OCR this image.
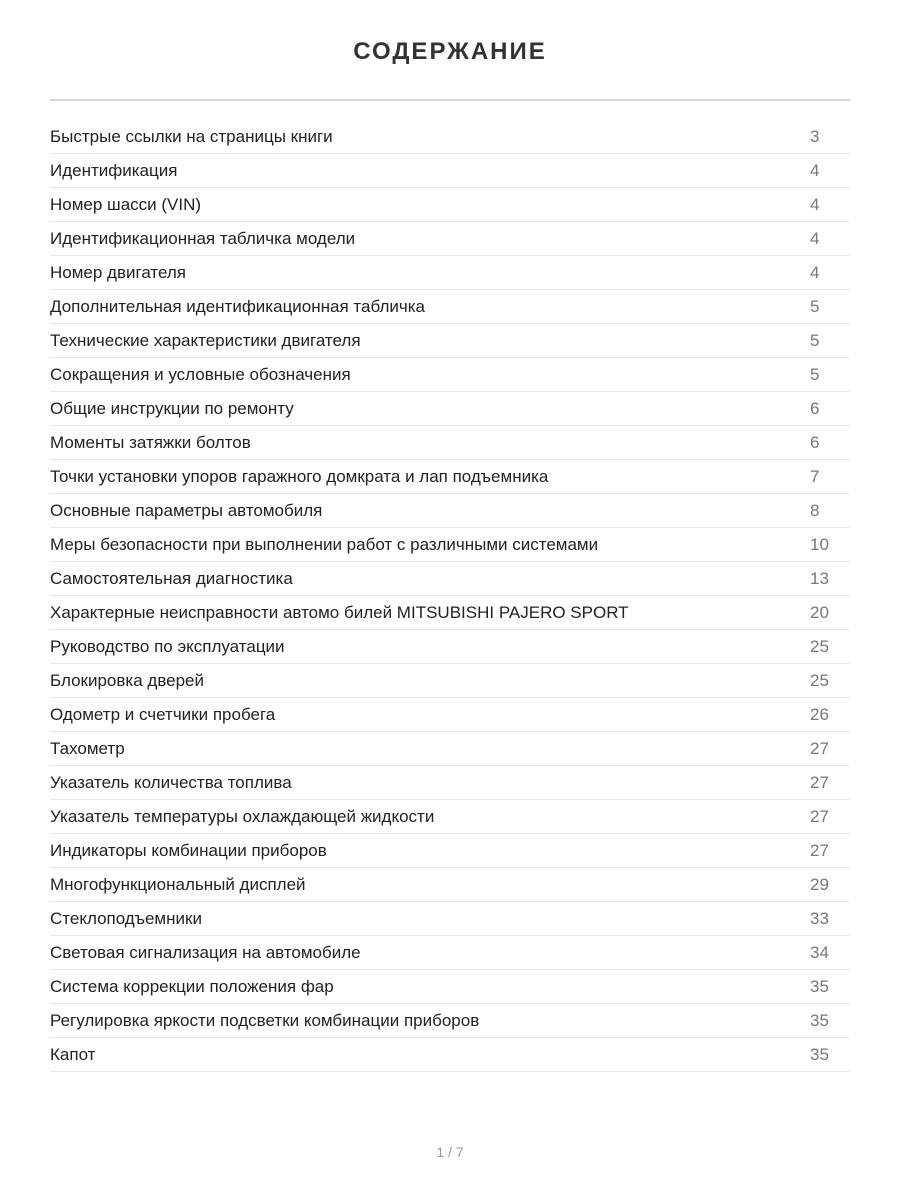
СОДЕРЖАНИЕ
Быстрые ссылки на страницы книги	3
Идентификация	4
Номер шасси (VIN)	4
Идентификационная табличка модели	4
Номер двигателя	4
Дополнительная идентификационная табличка	5
Технические характеристики двигателя	5
Сокращения и условные обозначения	5
Общие инструкции по ремонту	6
Моменты затяжки болтов	6
Точки установки упоров гаражного домкрата и лап подъемника	7
Основные параметры автомобиля	8
Меры безопасности при выполнении работ с различными системами	10
Самостоятельная диагностика	13
Характерные неисправности автомо билей MITSUBISHI PAJERO SPORT	20
Руководство по эксплуатации	25
Блокировка дверей	25
Одометр и счетчики пробега	26
Тахометр	27
Указатель количества топлива	27
Указатель температуры охлаждающей жидкости	27
Индикаторы комбинации приборов	27
Многофункциональный дисплей	29
Стеклоподъемники	33
Световая сигнализация на автомобиле	34
Система коррекции положения фар	35
Регулировка яркости подсветки комбинации приборов	35
Капот	35
1 / 7
